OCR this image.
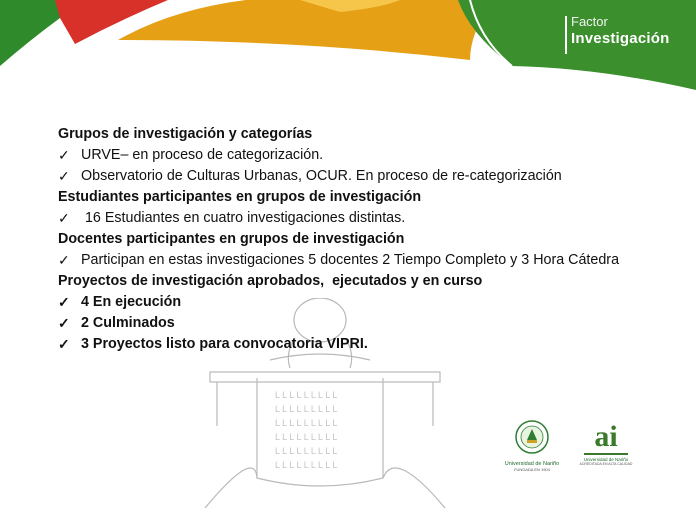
Factor
Investigación
L L L L L L L L L
L L L L L L L L L
L L L L L L L L L
L L L L L L L L L
L L L L L L L L L
L L L L L L L L L
Grupos de investigación y categorías
✓ URVE– en proceso de categorización.
✓ Observatorio de Culturas Urbanas, OCUR. En proceso de re-categorización
Estudiantes participantes en grupos de investigación
✓ 16 Estudiantes en cuatro investigaciones distintas.
Docentes participantes en grupos de investigación
✓ Participan en estas investigaciones 5 docentes 2 Tiempo Completo y 3 Hora Cátedra
Proyectos de investigación aprobados,  ejecutados y en curso
✓ 4 En ejecución
✓ 2 Culminados
✓ 3 Proyectos listo para convocatoria VIPRI.
Universidad de Nariño
FUNDADA EN 1904
ai
Universidad de Nariño
ACREDITADA EN ALTA CALIDAD
